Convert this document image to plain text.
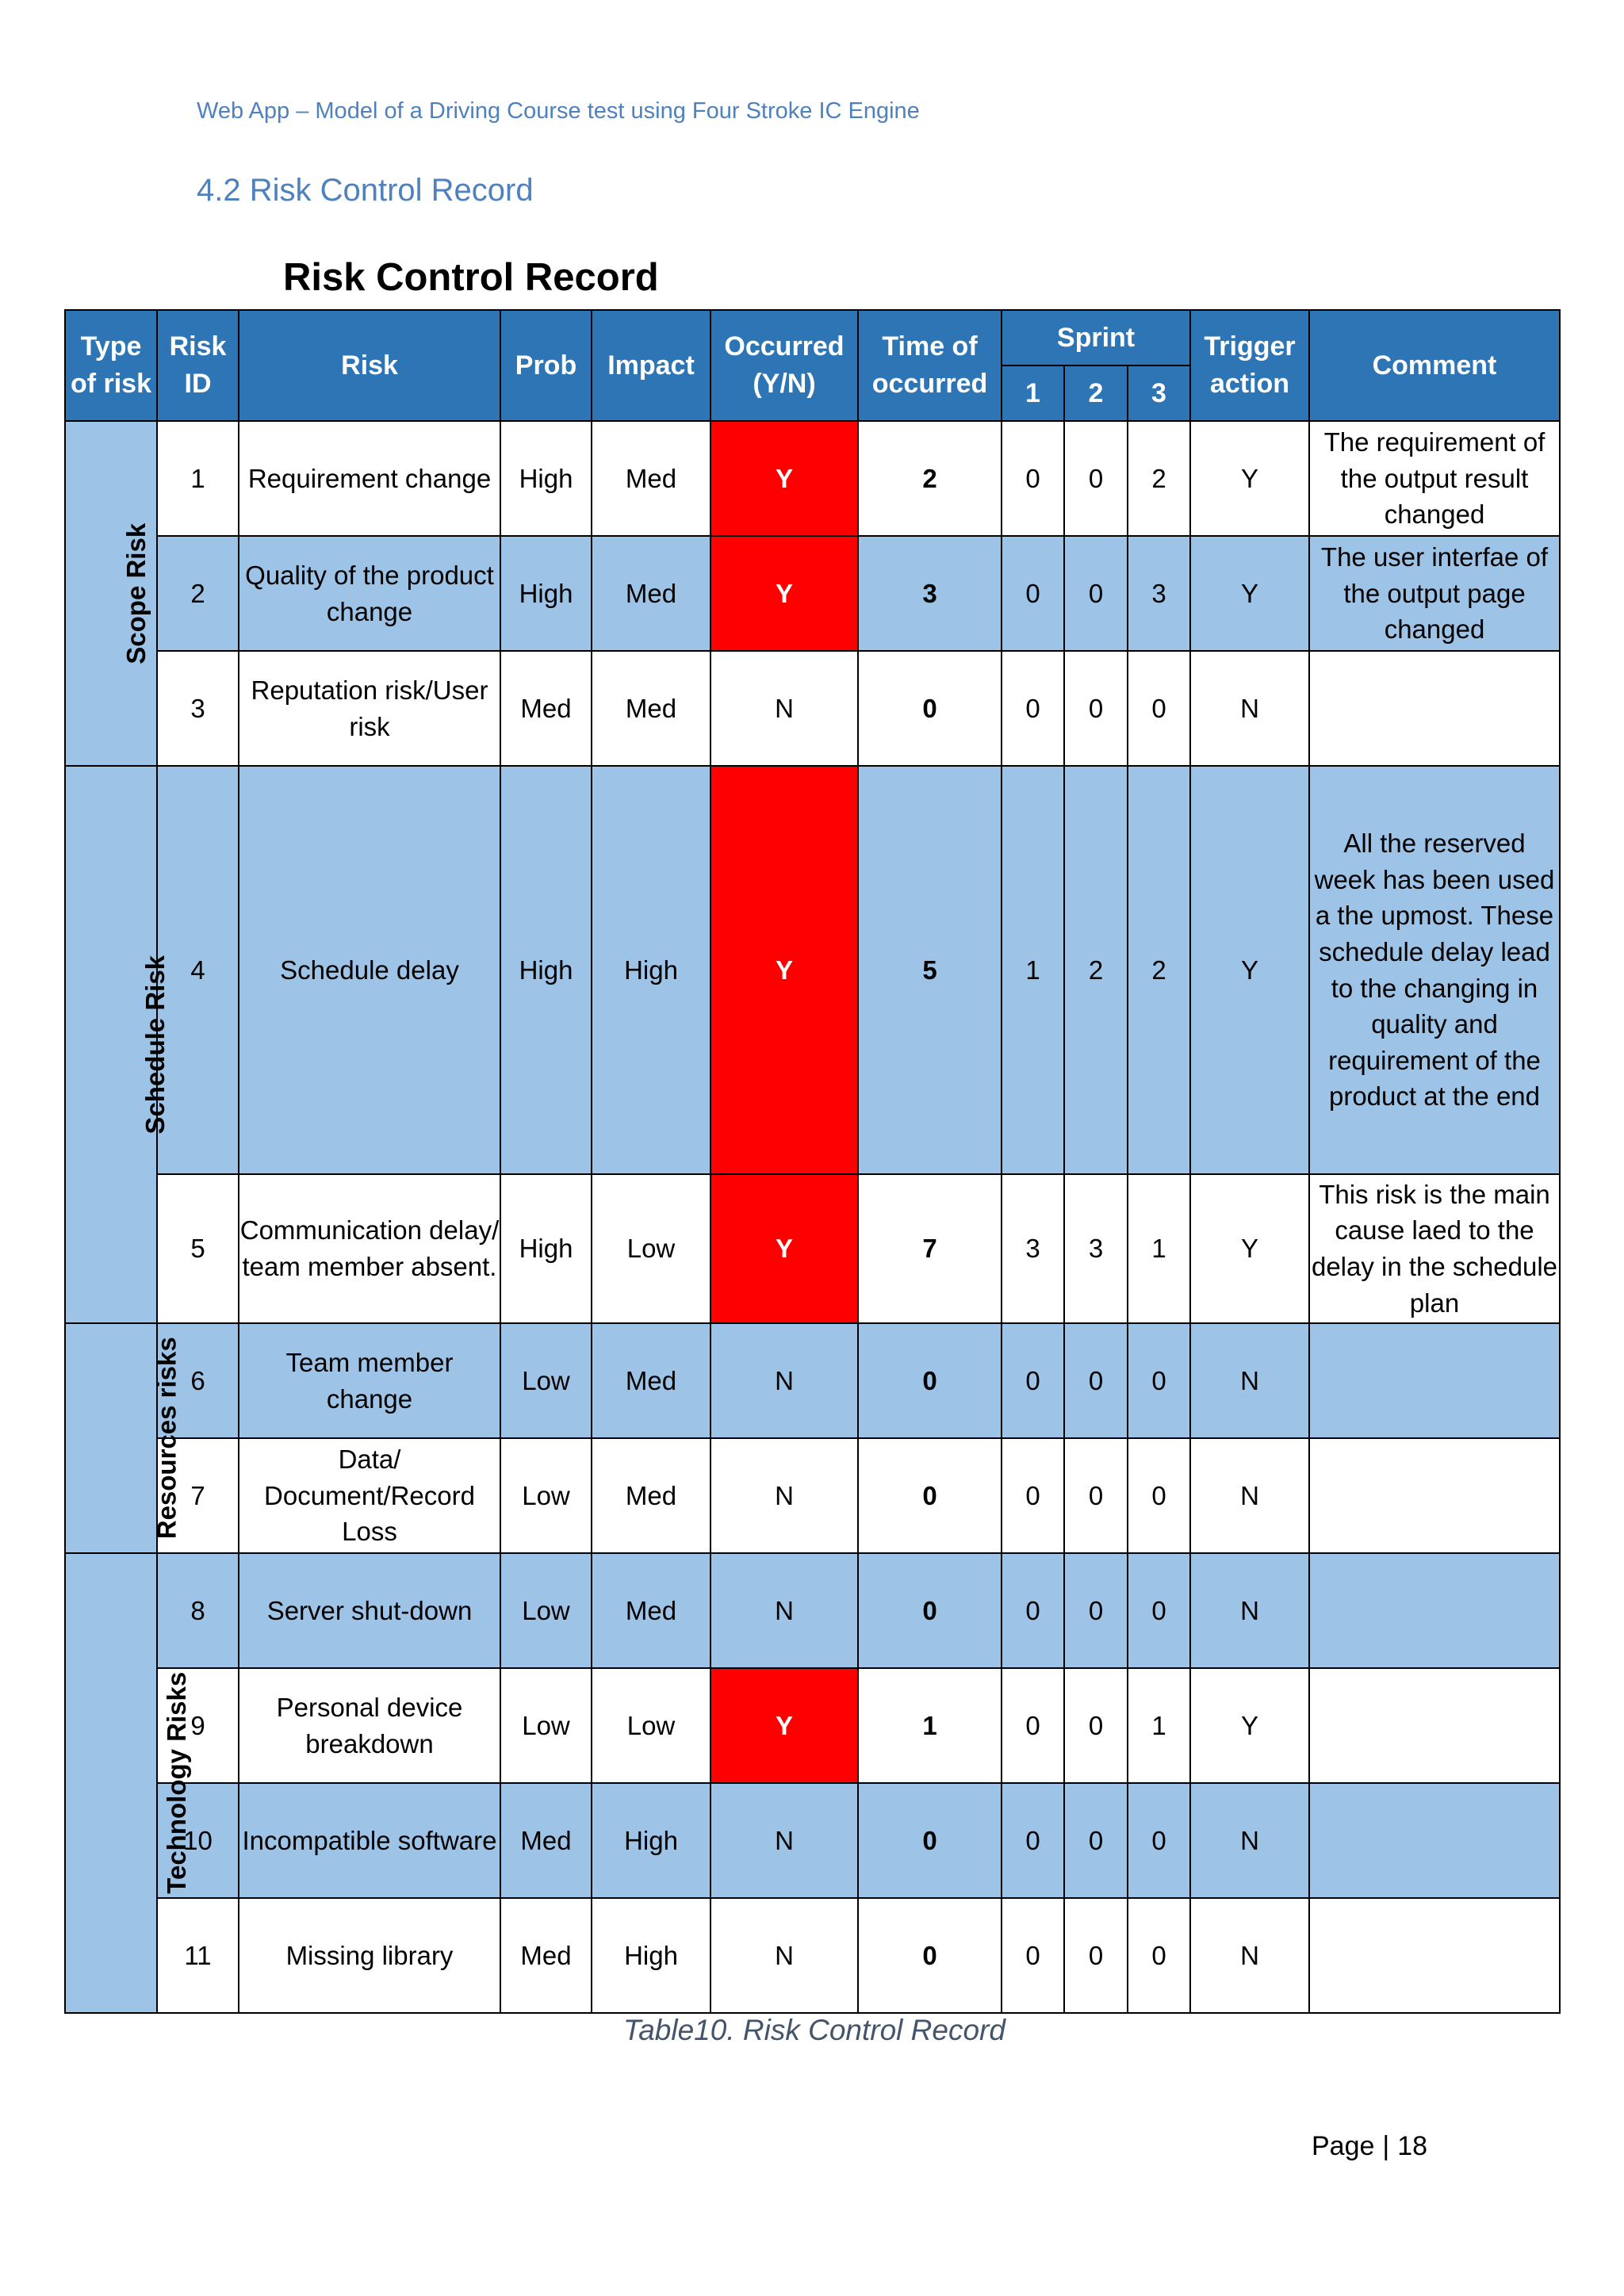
Web App – Model of a Driving Course test using Four Stroke IC Engine
4.2 Risk Control Record
Risk Control Record
Type of risk	Risk ID	Risk	Prob	Impact	Occurred (Y/N)	Time of occurred	Sprint			Trigger action	Comment
							1	2	3		
Scope Risk	1	Requirement change	High	Med	Y	2	0	0	2	Y	The requirement of the output result changed
	2	Quality of the product change	High	Med	Y	3	0	0	3	Y	The user interfae of the output page changed
	3	Reputation risk/User risk	Med	Med	N	0	0	0	0	N	
Schedule Risk	4	Schedule delay	High	High	Y	5	1	2	2	Y	All the reserved week has been used a the upmost. These schedule delay lead to the changing in quality and requirement of the product at the end
	5	Communication delay/ team member absent.	High	Low	Y	7	3	3	1	Y	This risk is the main cause laed to the delay in the schedule plan
Resources risks	6	Team member change	Low	Med	N	0	0	0	0	N	
	7	Data/ Document/Record Loss	Low	Med	N	0	0	0	0	N	
Technology Risks	8	Server shut-down	Low	Med	N	0	0	0	0	N	
	9	Personal device breakdown	Low	Low	Y	1	0	0	1	Y	
	10	Incompatible software	Med	High	N	0	0	0	0	N	
	11	Missing library	Med	High	N	0	0	0	0	N	
Table10. Risk Control Record
Page | 18
